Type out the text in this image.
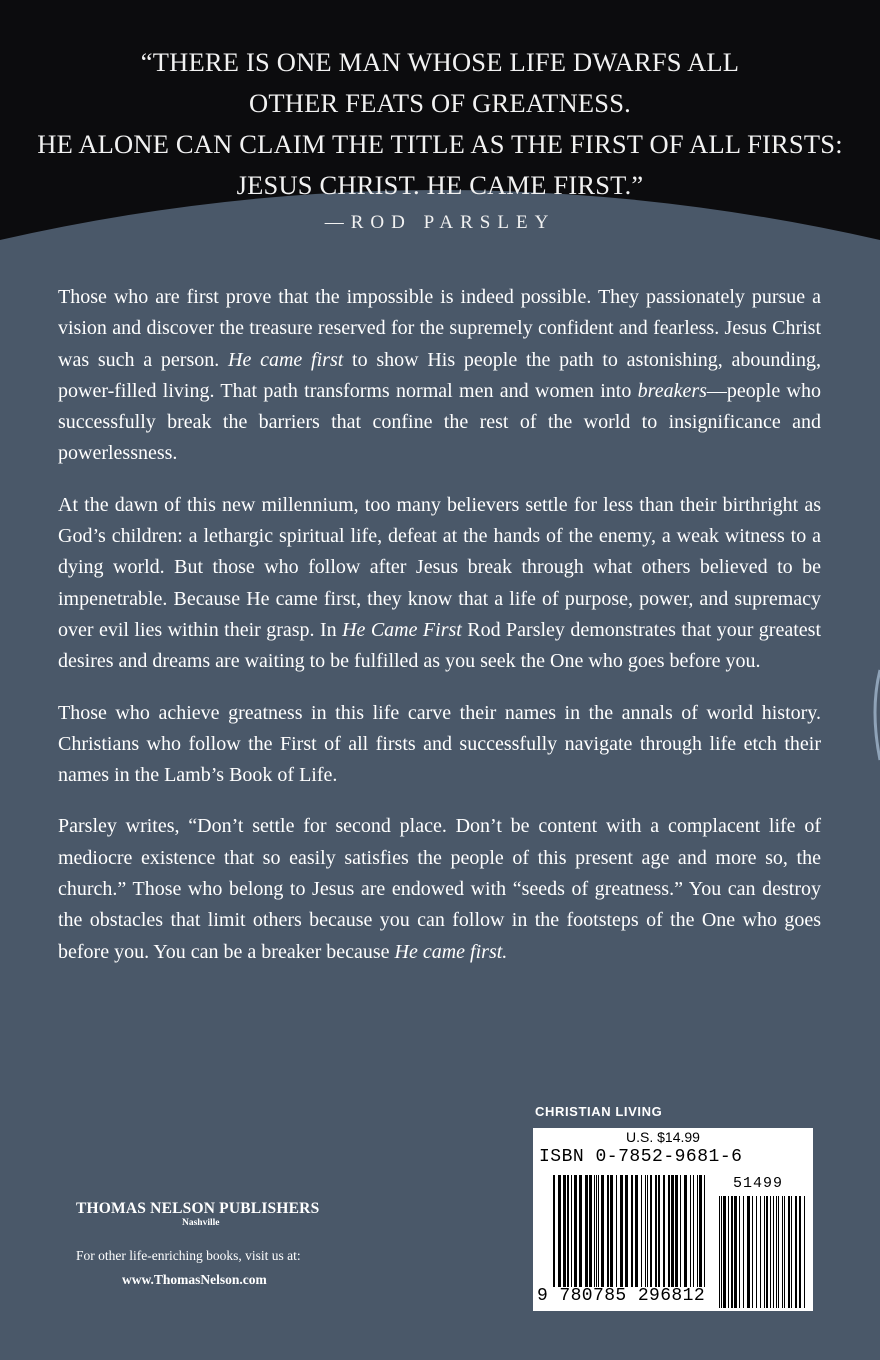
“THERE IS ONE MAN WHOSE LIFE DWARFS ALL
OTHER FEATS OF GREATNESS.
HE ALONE CAN CLAIM THE TITLE AS THE FIRST OF ALL FIRSTS:
JESUS CHRIST. HE CAME FIRST.”
—ROD PARSLEY

Those who are first prove that the impossible is indeed possible. They passionately pursue a vision and discover the treasure reserved for the supremely confident and fearless. Jesus Christ was such a person. He came first to show His people the path to astonishing, abounding, power-filled living. That path transforms normal men and women into breakers—people who successfully break the barriers that confine the rest of the world to insignificance and powerlessness.

At the dawn of this new millennium, too many believers settle for less than their birthright as God’s children: a lethargic spiritual life, defeat at the hands of the enemy, a weak witness to a dying world. But those who follow after Jesus break through what others believed to be impenetrable. Because He came first, they know that a life of purpose, power, and supremacy over evil lies within their grasp. In He Came First Rod Parsley demonstrates that your greatest desires and dreams are waiting to be fulfilled as you seek the One who goes before you.

Those who achieve greatness in this life carve their names in the annals of world history. Christians who follow the First of all firsts and successfully navigate through life etch their names in the Lamb’s Book of Life.

Parsley writes, “Don’t settle for second place. Don’t be content with a complacent life of mediocre existence that so easily satisfies the people of this present age and more so, the church.” Those who belong to Jesus are endowed with “seeds of greatness.” You can destroy the obstacles that limit others because you can follow in the footsteps of the One who goes before you. You can be a breaker because He came first.

CHRISTIAN LIVING
U.S. $14.99
ISBN 0-7852-9681-6
51499
9 780785 296812
THOMAS NELSON PUBLISHERS
Nashville
For other life-enriching books, visit us at:
www.ThomasNelson.com
